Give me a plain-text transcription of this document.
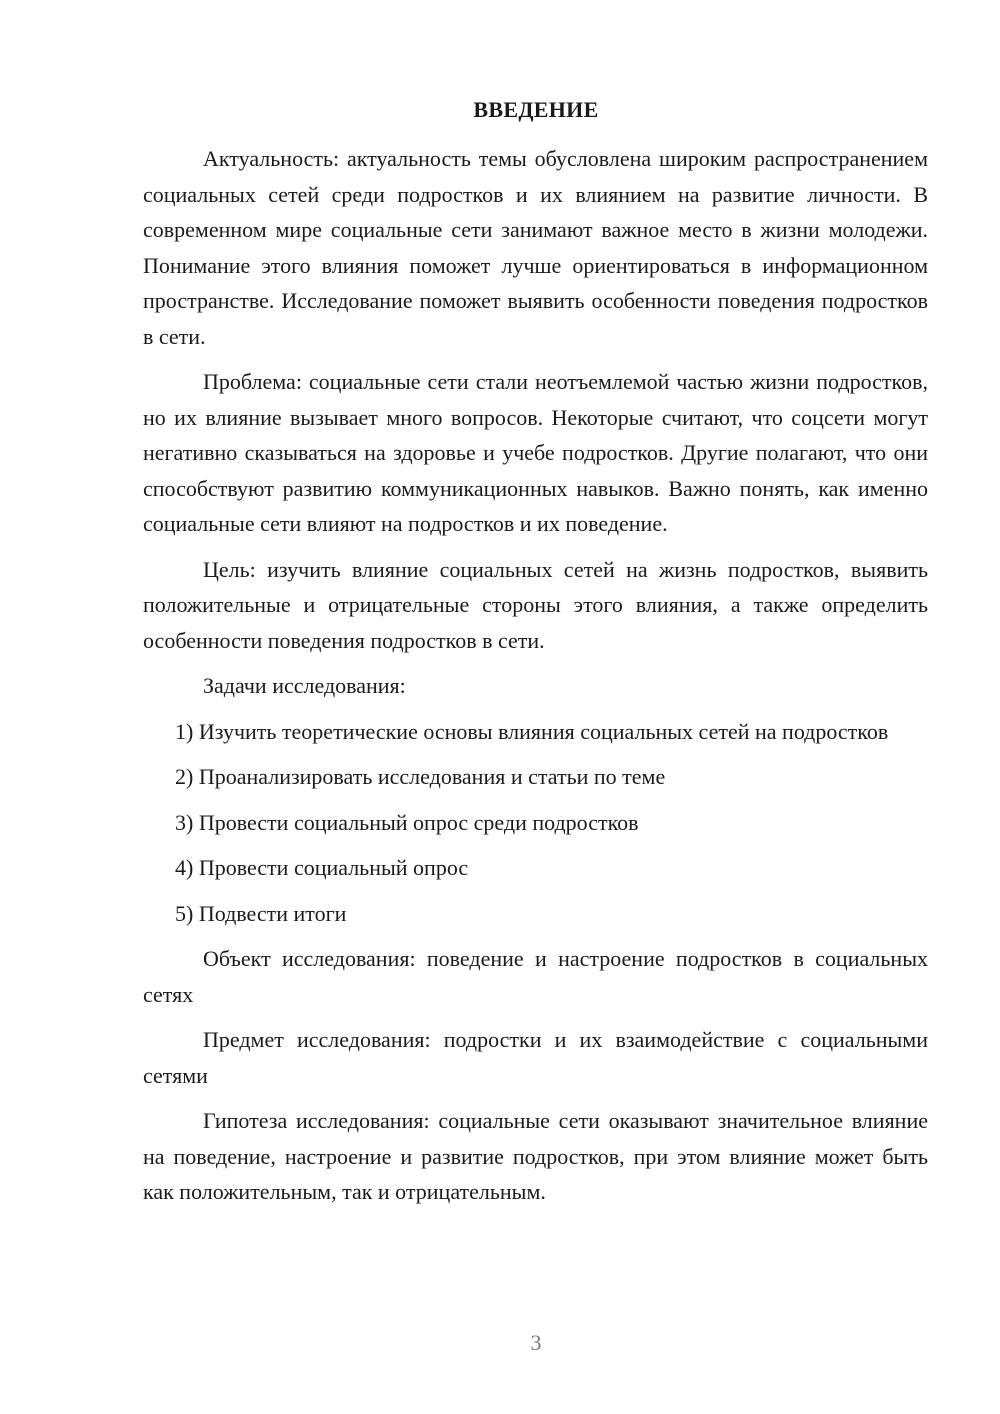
ВВЕДЕНИЕ

Актуальность: актуальность темы обусловлена широким распространением социальных сетей среди подростков и их влиянием на развитие личности. В современном мире социальные сети занимают важное место в жизни молодежи. Понимание этого влияния поможет лучше ориентироваться в информационном пространстве. Исследование поможет выявить особенности поведения подростков в сети.

Проблема: социальные сети стали неотъемлемой частью жизни подростков, но их влияние вызывает много вопросов. Некоторые считают, что соцсети могут негативно сказываться на здоровье и учебе подростков. Другие полагают, что они способствуют развитию коммуникационных навыков. Важно понять, как именно социальные сети влияют на подростков и их поведение.

Цель: изучить влияние социальных сетей на жизнь подростков, выявить положительные и отрицательные стороны этого влияния, а также определить особенности поведения подростков в сети.

Задачи исследования:

1) Изучить теоретические основы влияния социальных сетей на подростков

2) Проанализировать исследования и статьи по теме

3) Провести социальный опрос среди подростков

4) Провести социальный опрос

5) Подвести итоги

Объект исследования: поведение и настроение подростков в социальных сетях

Предмет исследования: подростки и их взаимодействие с социальными сетями

Гипотеза исследования: социальные сети оказывают значительное влияние на поведение, настроение и развитие подростков, при этом влияние может быть как положительным, так и отрицательным.

3
